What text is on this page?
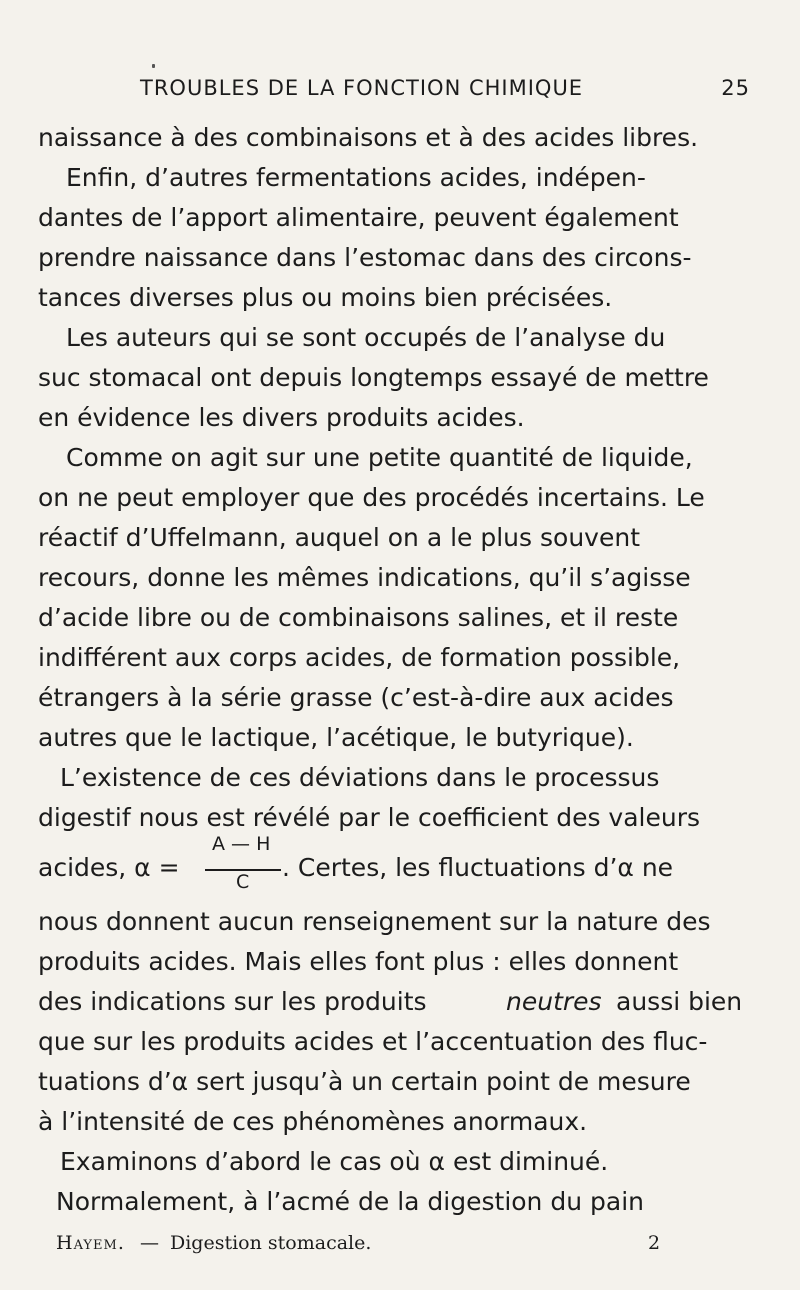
TROUBLES DE LA FONCTION CHIMIQUE	25
naissance à des combinaisons et à des acides libres.
Enfin, d’autres fermentations acides, indépen-
dantes de l’apport alimentaire, peuvent également
prendre naissance dans l’estomac dans des circons-
tances diverses plus ou moins bien précisées.
Les auteurs qui se sont occupés de l’analyse du
suc stomacal ont depuis longtemps essayé de mettre
en évidence les divers produits acides.
Comme on agit sur une petite quantité de liquide,
on ne peut employer que des procédés incertains. Le
réactif d’Uffelmann, auquel on a le plus souvent
recours, donne les mêmes indications, qu’il s’agisse
d’acide libre ou de combinaisons salines, et il reste
indifférent aux corps acides, de formation possible,
étrangers à la série grasse (c’est-à-dire aux acides
autres que le lactique, l’acétique, le butyrique).
L’existence de ces déviations dans le processus
digestif nous est révélé par le coefficient des valeurs
acides, α =
A — H
C . Certes, les fluctuations d’α ne
nous donnent aucun renseignement sur la nature des
produits acides. Mais elles font plus : elles donnent
des indications sur les produits	neutres aussi bien
que sur les produits acides et l’accentuation des fluc-
tuations d’α sert jusqu’à un certain point de mesure
à l’intensité de ces phénomènes anormaux.
Examinons d’abord le cas où α est diminué.
Normalement, à l’acmé de la digestion du pain
Hayem. — Digestion stomacale.	2
